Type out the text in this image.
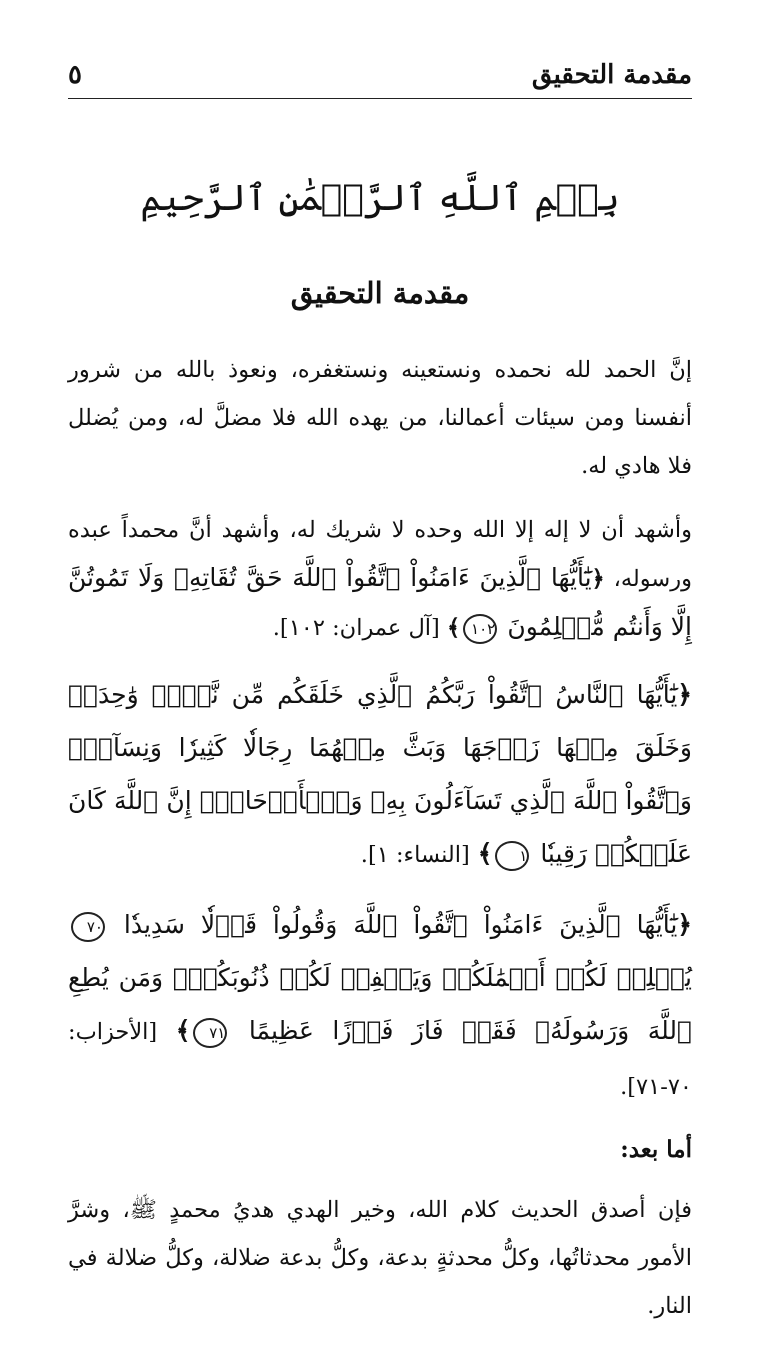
مقدمة التحقيق
٥
بِسۡمِ ٱللَّهِ ٱلرَّحۡمَٰنِ ٱلرَّحِيمِ
مقدمة التحقيق

إنَّ الحمد لله نحمده ونستعينه ونستغفره، ونعوذ بالله من شرور أنفسنا ومن سيئات أعمالنا، من يهده الله فلا مضلَّ له، ومن يُضلل فلا هادي له.

وأشهد أن لا إله إلا الله وحده لا شريك له، وأشهد أنَّ محمداً عبده ورسوله، ﴿يَٰٓأَيُّهَا ٱلَّذِينَ ءَامَنُواْ ٱتَّقُواْ ٱللَّهَ حَقَّ تُقَاتِهِۦ وَلَا تَمُوتُنَّ إِلَّا وَأَنتُم مُّسۡلِمُونَ ١٠٢﴾ [آل عمران: ١٠٢].

﴿يَٰٓأَيُّهَا ٱلنَّاسُ ٱتَّقُواْ رَبَّكُمُ ٱلَّذِي خَلَقَكُم مِّن نَّفۡسٖ وَٰحِدَةٖ وَخَلَقَ مِنۡهَا زَوۡجَهَا وَبَثَّ مِنۡهُمَا رِجَالٗا كَثِيرٗا وَنِسَآءٗۚ وَٱتَّقُواْ ٱللَّهَ ٱلَّذِي تَسَآءَلُونَ بِهِۦ وَٱلۡأَرۡحَامَۚ إِنَّ ٱللَّهَ كَانَ عَلَيۡكُمۡ رَقِيبٗا ١﴾ [النساء: ١].

﴿يَٰٓأَيُّهَا ٱلَّذِينَ ءَامَنُواْ ٱتَّقُواْ ٱللَّهَ وَقُولُواْ قَوۡلٗا سَدِيدٗا ٧٠ يُصۡلِحۡ لَكُمۡ أَعۡمَٰلَكُمۡ وَيَغۡفِرۡ لَكُمۡ ذُنُوبَكُمۡۗ وَمَن يُطِعِ ٱللَّهَ وَرَسُولَهُۥ فَقَدۡ فَازَ فَوۡزًا عَظِيمًا ٧١﴾ [الأحزاب: ٧٠-٧١].

أما بعد:

فإن أصدق الحديث كلام الله، وخير الهدي هديُ محمدٍ ﷺ، وشرَّ الأمور محدثاتُها، وكلُّ محدثةٍ بدعة، وكلُّ بدعة ضلالة، وكلُّ ضلالة في النار.
